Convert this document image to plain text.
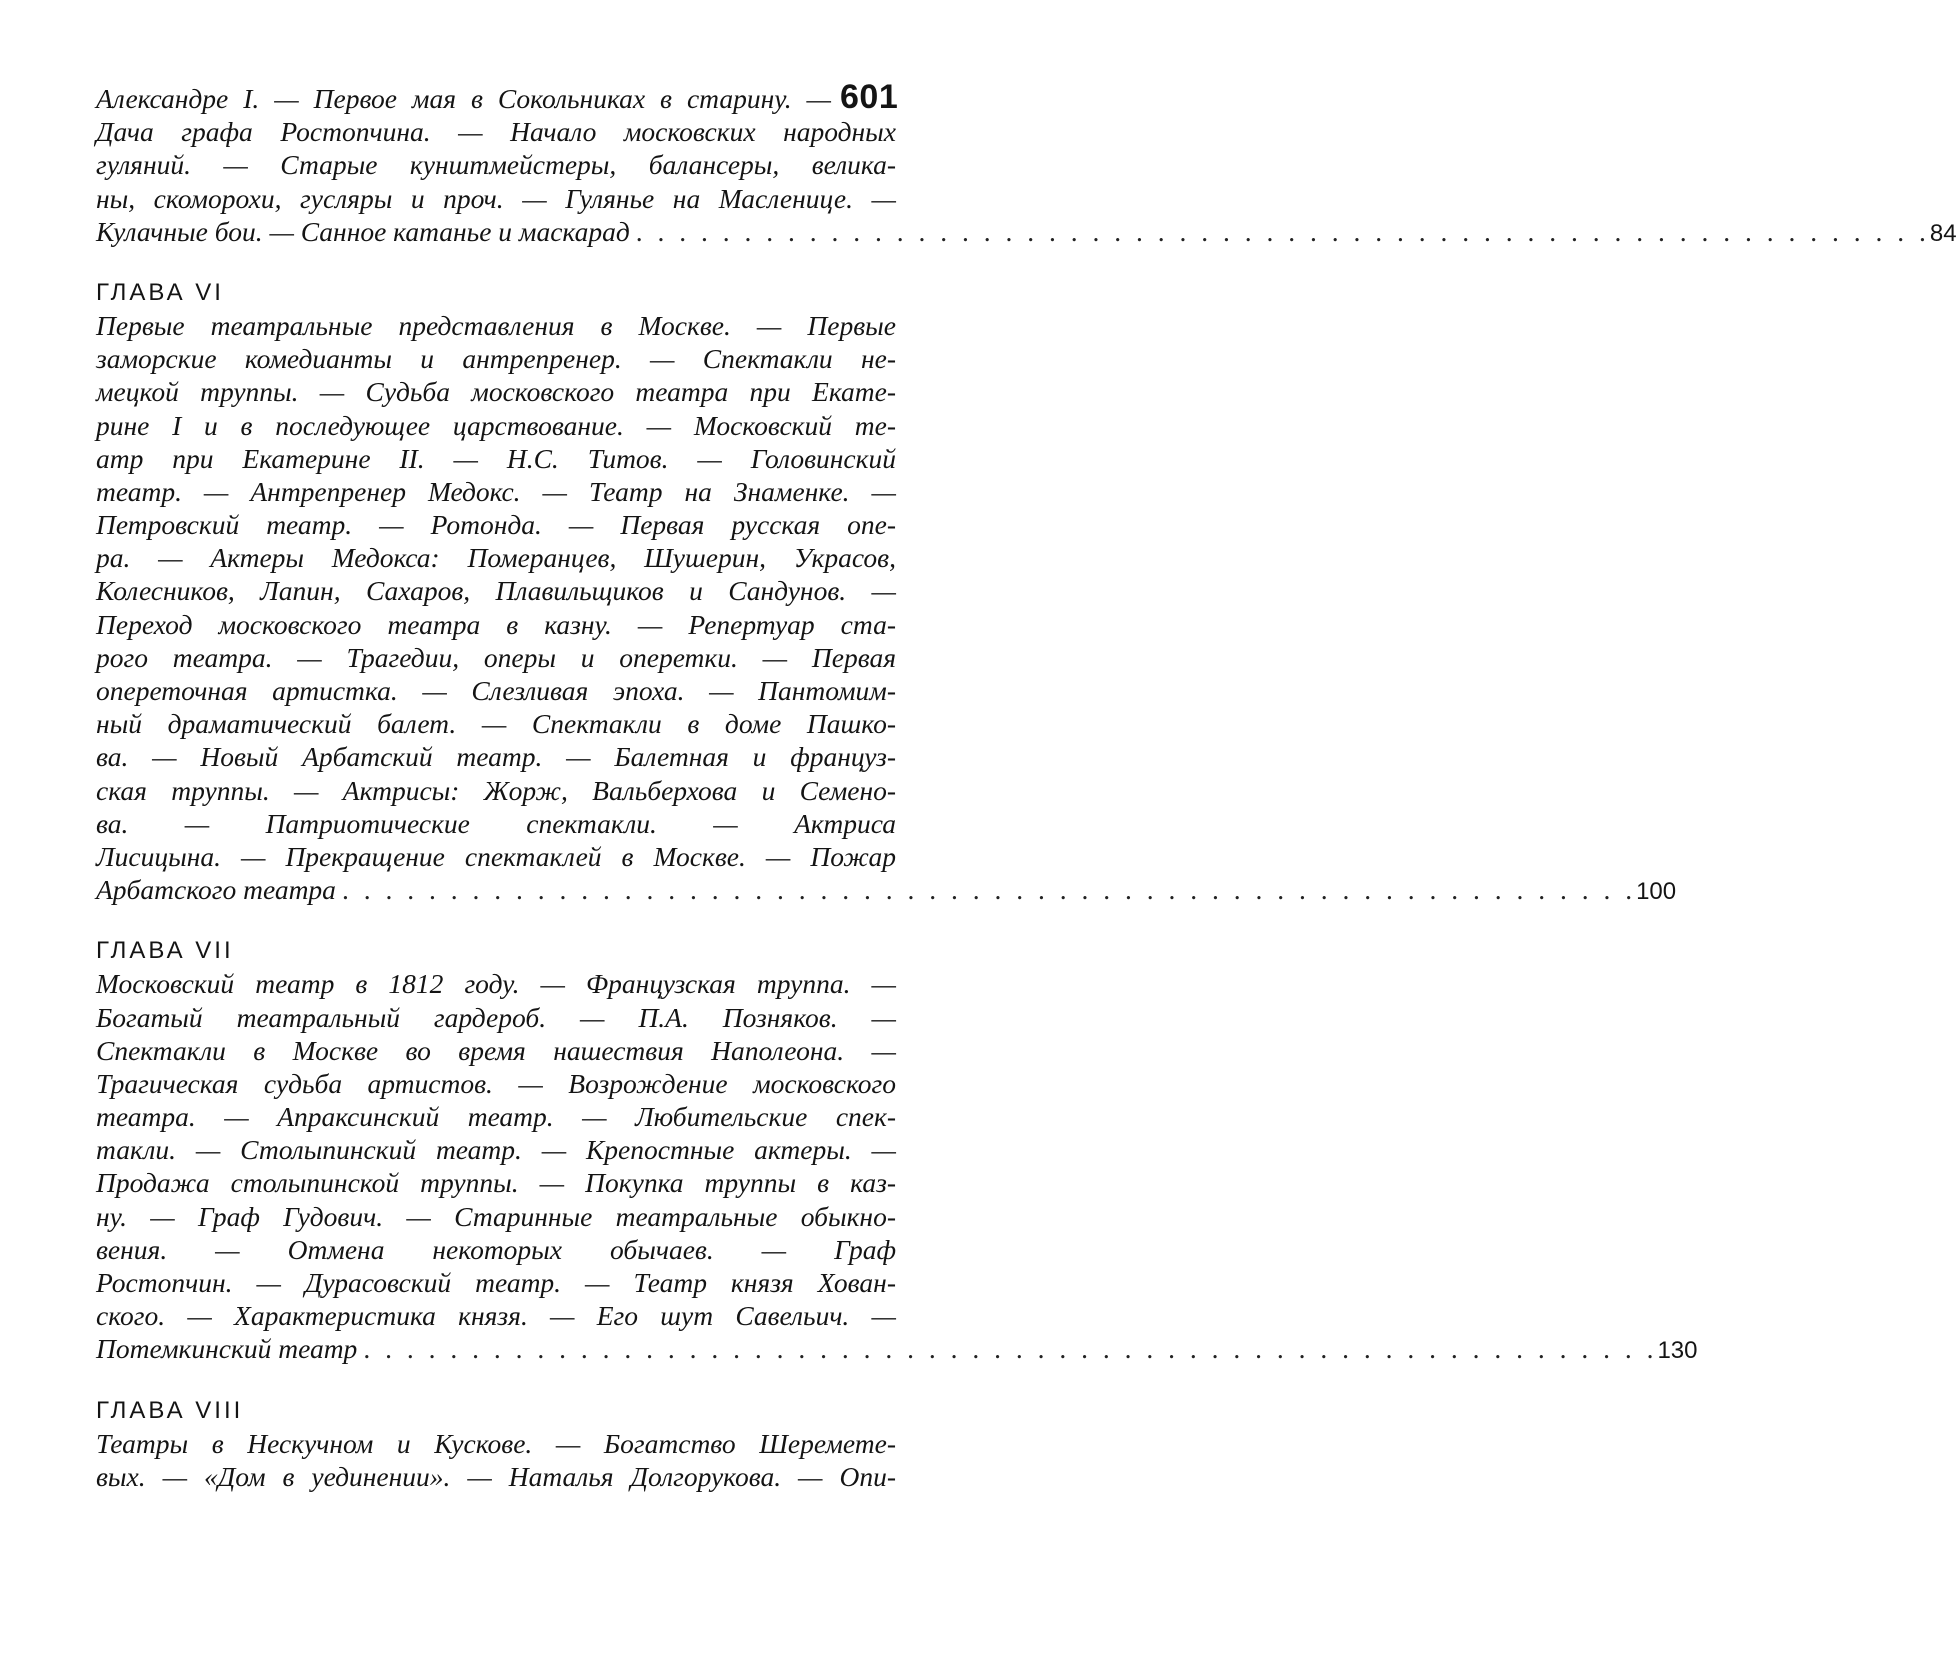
601
Александре I. — Первое мая в Сокольниках в старину. —
Дача графа Ростопчина. — Начало московских народных
гуляний. — Старые кунштмейстеры, балансеры, велика-
ны, скоморохи, гусляры и проч. — Гулянье на Масленице. —
Кулачные бои. — Санное катанье и маскарад . . . . . . . . . . . . . . . . . . . . . . . . . . . . . . . . . . . . . . . . . . . . . . . . . . . . . . . . . . . . 84
ГЛАВА VI
Первые театральные представления в Москве. — Первые
заморские комедианты и антрепренер. — Спектакли не-
мецкой труппы. — Судьба московского театра при Екате-
рине I и в последующее царствование. — Московский те-
атр при Екатерине II. — Н.С. Титов. — Головинский
театр. — Антрепренер Медокс. — Театр на Знаменке. —
Петровский театр. — Ротонда. — Первая русская опе-
ра. — Актеры Медокса: Померанцев, Шушерин, Украсов,
Колесников, Лапин, Сахаров, Плавильщиков и Сандунов. —
Переход московского театра в казну. — Репертуар ста-
рого театра. — Трагедии, оперы и оперетки. — Первая
опереточная артистка. — Слезливая эпоха. — Пантомим-
ный драматический балет. — Спектакли в доме Пашко-
ва. — Новый Арбатский театр. — Балетная и француз-
ская труппы. — Актрисы: Жорж, Вальберхова и Семено-
ва. — Патриотические спектакли. — Актриса
Лисицына. — Прекращение спектаклей в Москве. — Пожар
Арбатского театра . . . . . . . . . . . . . . . . . . . . . . . . . . . . . . . . . . . . . . . . . . . . . . . . . . . . . . . . . . . . 100
ГЛАВА VII
Московский театр в 1812 году. — Французская труппа. —
Богатый театральный гардероб. — П.А. Позняков. —
Спектакли в Москве во время нашествия Наполеона. —
Трагическая судьба артистов. — Возрождение московского
театра. — Апраксинский театр. — Любительские спек-
такли. — Столыпинский театр. — Крепостные актеры. —
Продажа столыпинской труппы. — Покупка труппы в каз-
ну. — Граф Гудович. — Старинные театральные обыкно-
вения. — Отмена некоторых обычаев. — Граф
Ростопчин. — Дурасовский театр. — Театр князя Хован-
ского. — Характеристика князя. — Его шут Савельич. —
Потемкинский театр . . . . . . . . . . . . . . . . . . . . . . . . . . . . . . . . . . . . . . . . . . . . . . . . . . . . . . . . . . . . 130
ГЛАВА VIII
Театры в Нескучном и Кускове. — Богатство Шеремете-
вых. — «Дом в уединении». — Наталья Долгорукова. — Опи-
